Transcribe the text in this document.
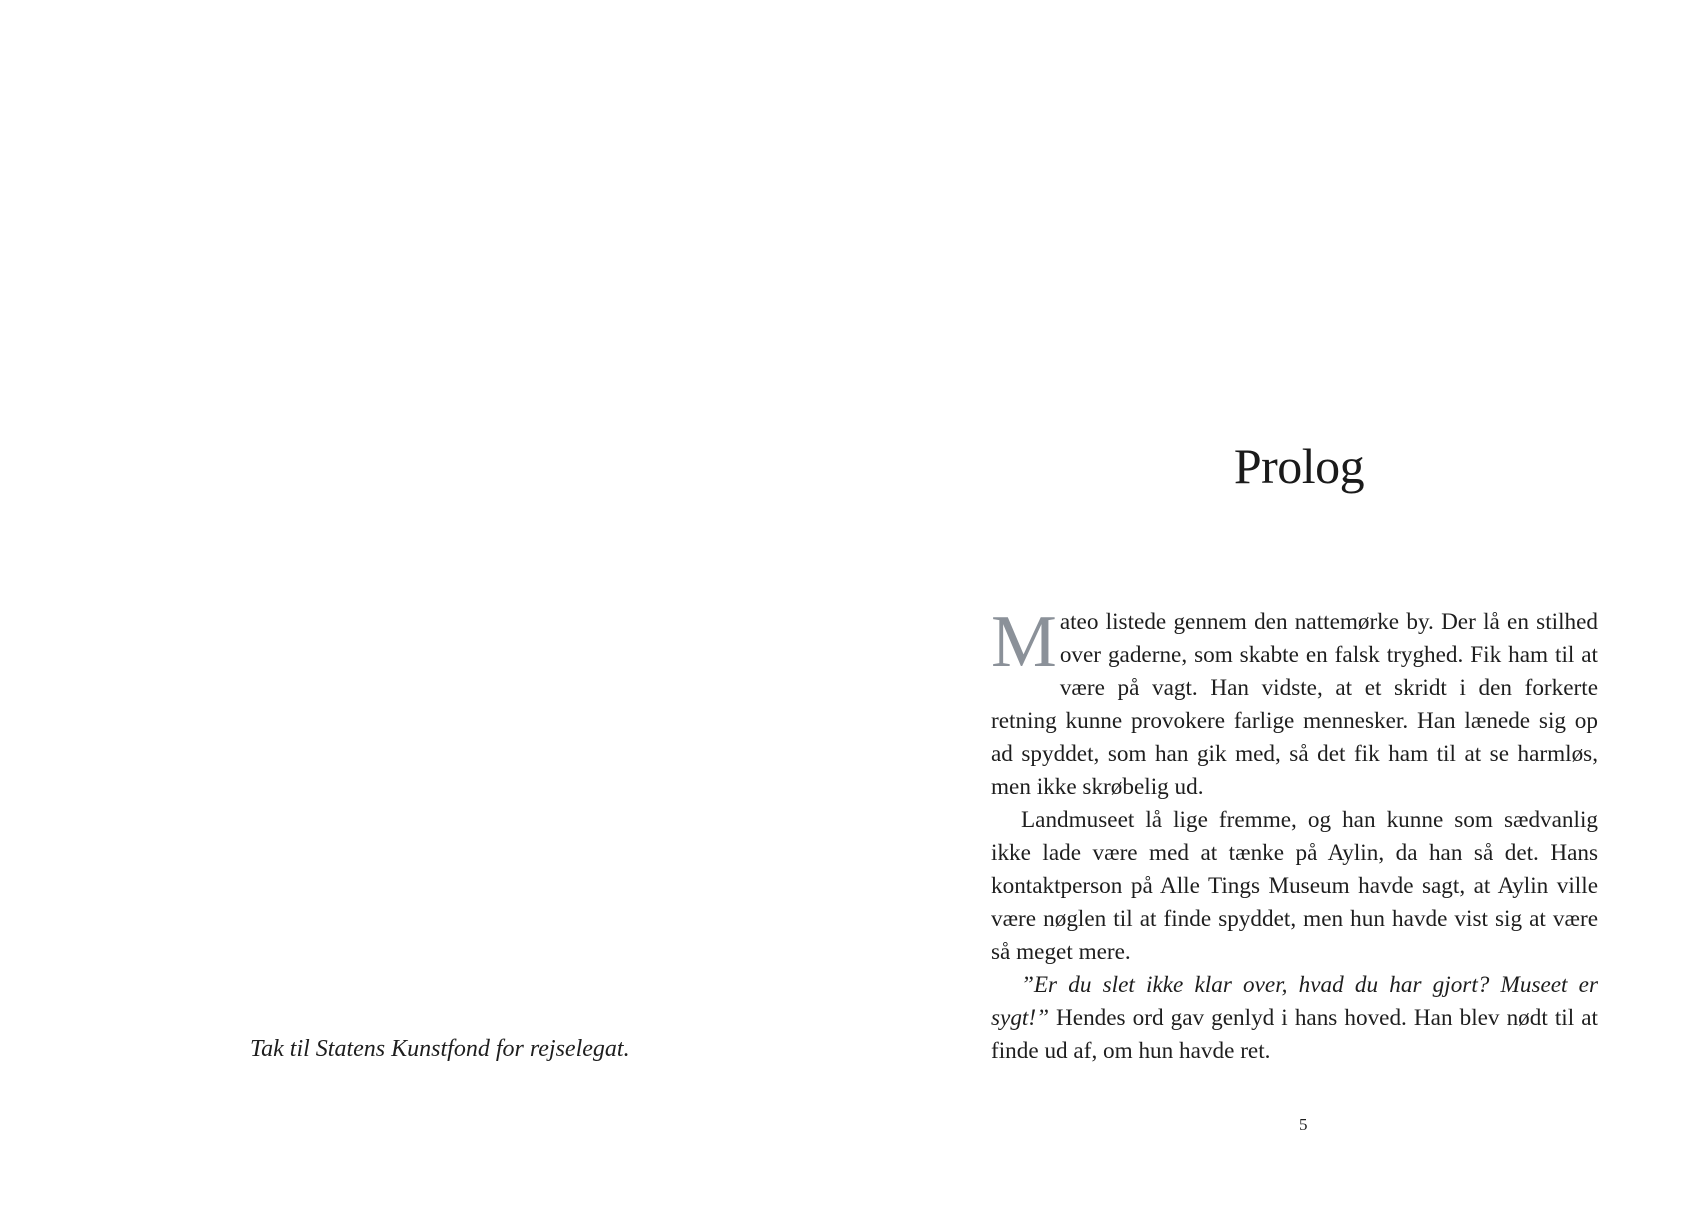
Tak til Statens Kunstfond for rejselegat.
Prolog

Mateo listede gennem den nattemørke by. Der lå en stilhed over gaderne, som skabte en falsk tryghed. Fik ham til at være på vagt. Han vidste, at et skridt i den forkerte retning kunne provokere farlige mennesker. Han lænede sig op ad spyddet, som han gik med, så det fik ham til at se harmløs, men ikke skrøbelig ud.

Landmuseet lå lige fremme, og han kunne som sædvanlig ikke lade være med at tænke på Aylin, da han så det. Hans kontaktperson på Alle Tings Museum havde sagt, at Aylin ville være nøglen til at finde spyddet, men hun havde vist sig at være så meget mere.

”Er du slet ikke klar over, hvad du har gjort? Museet er sygt!” Hendes ord gav genlyd i hans hoved. Han blev nødt til at finde ud af, om hun havde ret.

5
